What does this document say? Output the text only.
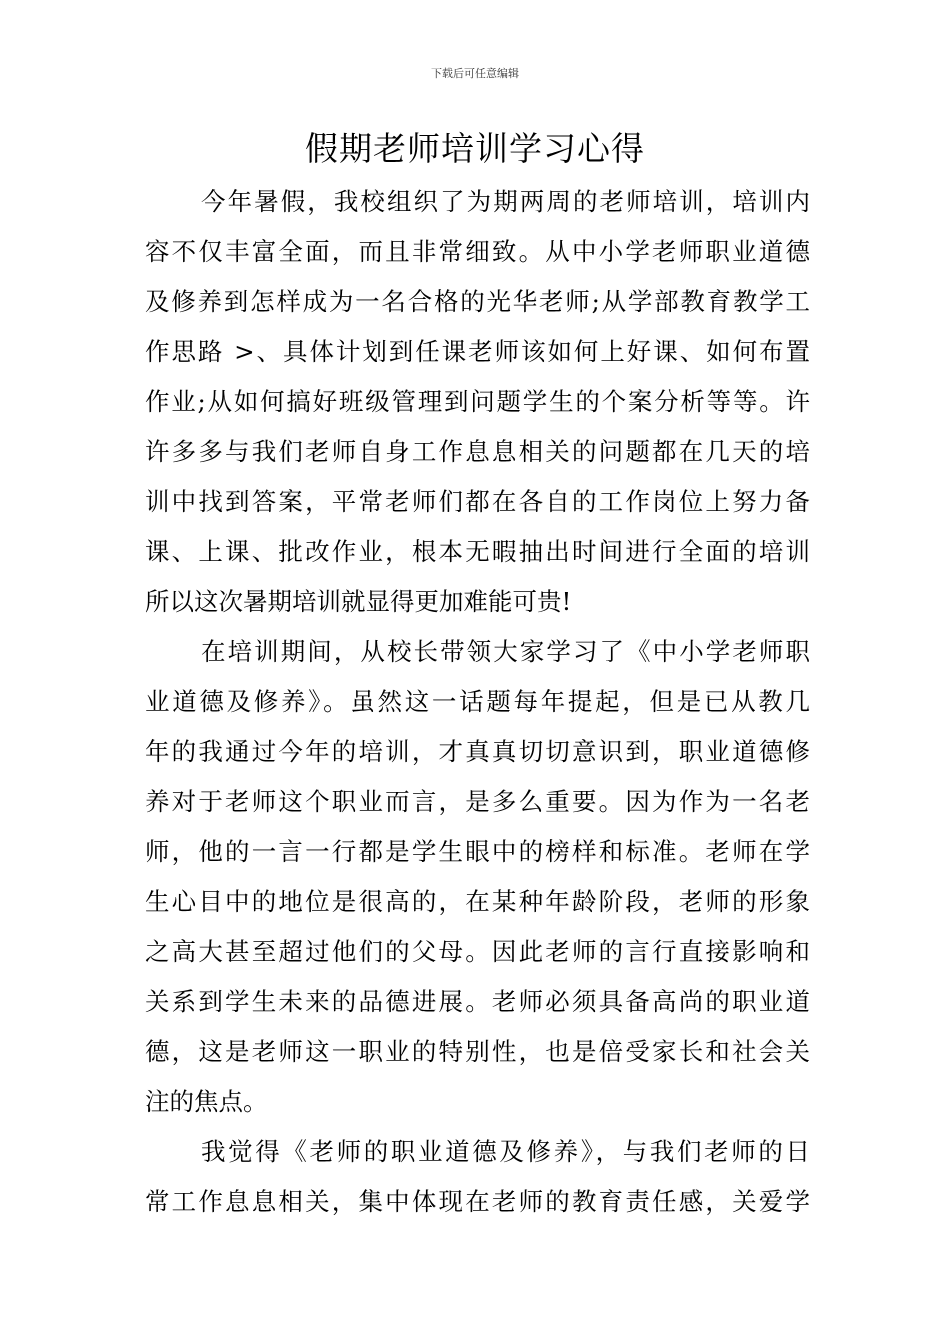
下载后可任意编辑
假期老师培训学习心得
今年暑假，我校组织了为期两周的老师培训，培训内
容不仅丰富全面，而且非常细致。从中小学老师职业道德
及修养到怎样成为一名合格的光华老师;从学部教育教学工
作思路 >、具体计划到任课老师该如何上好课、如何布置
作业;从如何搞好班级管理到问题学生的个案分析等等。许
许多多与我们老师自身工作息息相关的问题都在几天的培
训中找到答案，平常老师们都在各自的工作岗位上努力备
课、上课、批改作业，根本无暇抽出时间进行全面的培训
所以这次暑期培训就显得更加难能可贵!
在培训期间，从校长带领大家学习了《中小学老师职
业道德及修养》。虽然这一话题每年提起，但是已从教几
年的我通过今年的培训，才真真切切意识到，职业道德修
养对于老师这个职业而言，是多么重要。因为作为一名老
师，他的一言一行都是学生眼中的榜样和标准。老师在学
生心目中的地位是很高的，在某种年龄阶段，老师的形象
之高大甚至超过他们的父母。因此老师的言行直接影响和
关系到学生未来的品德进展。老师必须具备高尚的职业道
德，这是老师这一职业的特别性，也是倍受家长和社会关
注的焦点。
我觉得《老师的职业道德及修养》，与我们老师的日
常工作息息相关，集中体现在老师的教育责任感，关爱学
